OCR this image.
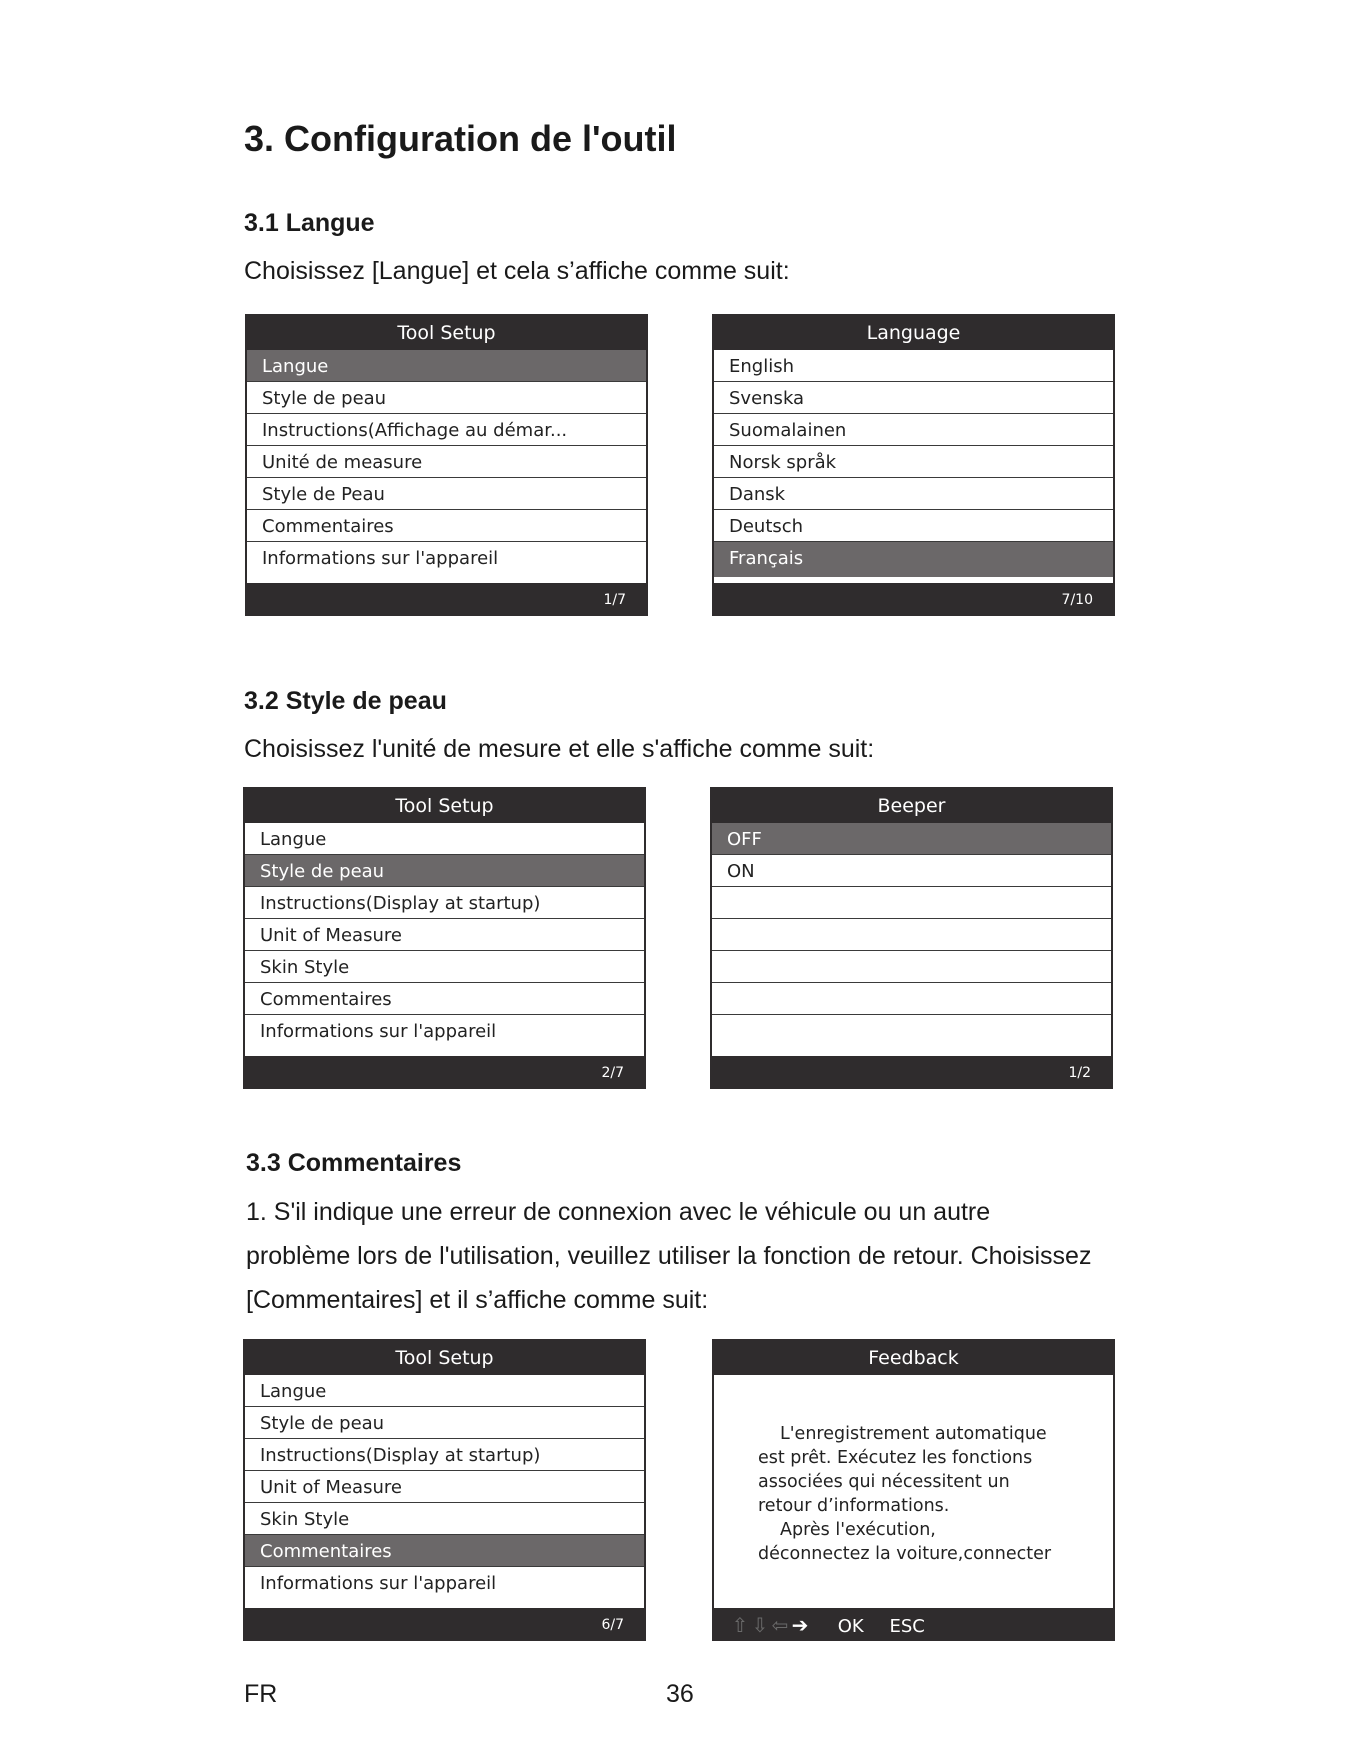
3. Configuration de l'outil
3.1 Langue

Choisissez [Langue] et cela s’affiche comme suit:

Tool Setup
Langue
Style de peau
Instructions(Affichage au démar...
Unité de measure
Style de Peau
Commentaires
Informations sur l'appareil
1/7
Language
English
Svenska
Suomalainen
Norsk språk
Dansk
Deutsch
Français
7/10
3.2 Style de peau

Choisissez l'unité de mesure et elle s'affiche comme suit:

Tool Setup
Langue
Style de peau
Instructions(Display at startup)
Unit of Measure
Skin Style
Commentaires
Informations sur l'appareil
2/7
Beeper
OFF
ON
1/2
3.3 Commentaires

1. S'il indique une erreur de connexion avec le véhicule ou un autre

problème lors de l'utilisation, veuillez utiliser la fonction de retour. Choisissez

[Commentaires] et il s’affiche comme suit:

Tool Setup
Langue
Style de peau
Instructions(Display at startup)
Unit of Measure
Skin Style
Commentaires
Informations sur l'appareil
6/7
Feedback

L'enregistrement automatique

est prêt. Exécutez les fonctions

associées qui nécessitent un

retour d’informations.

Après l'exécution,

déconnectez la voiture,connecter

⇧ ⇩ ⇦ ➔ OK ESC
FR	36
